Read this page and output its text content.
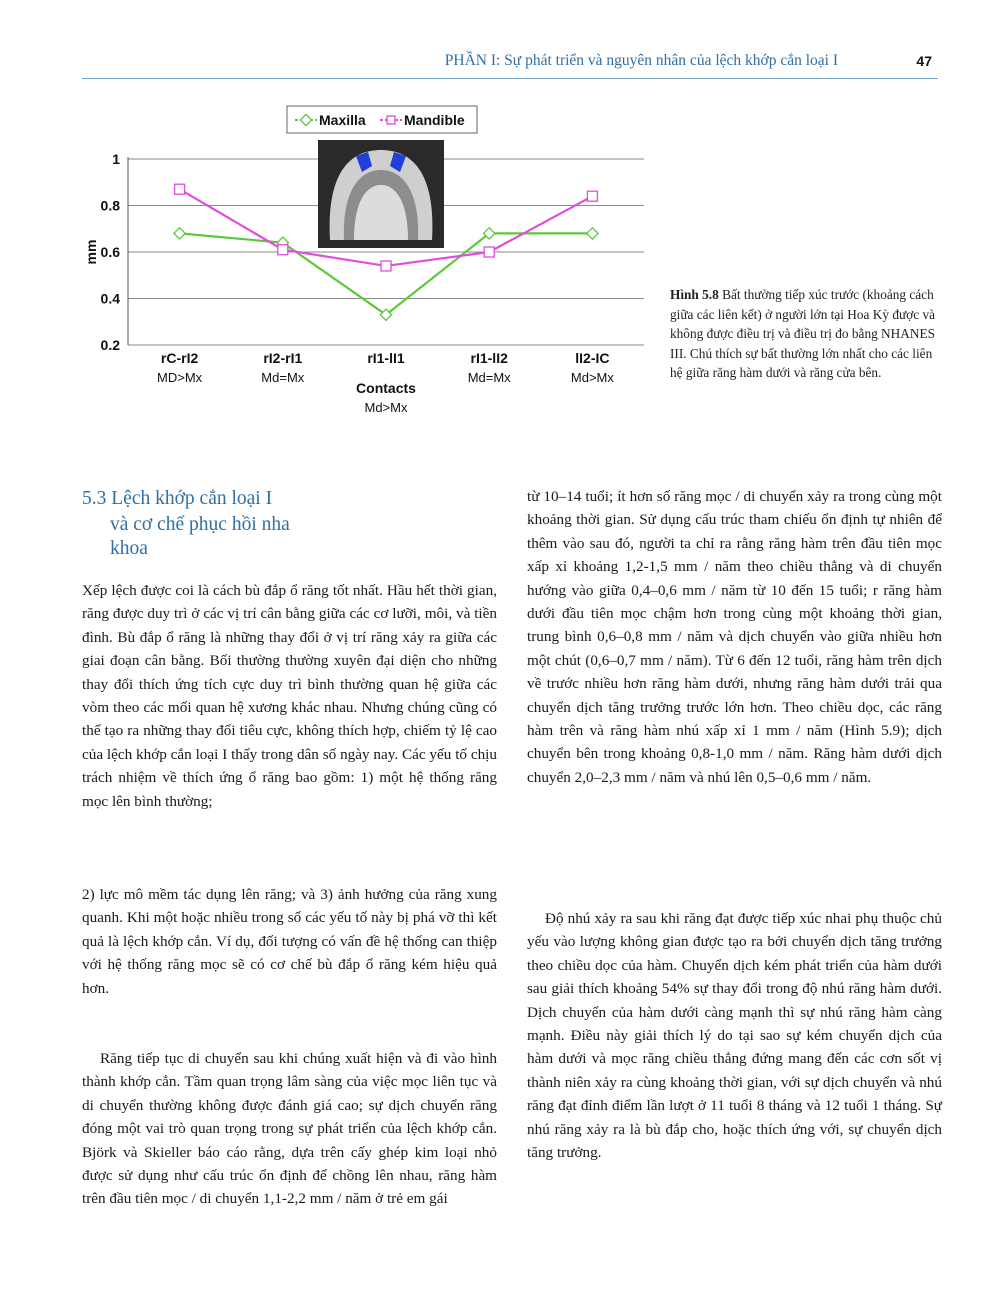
PHẦN I: Sự phát triển và nguyên nhân của lệch khớp cắn loại I	47
0.2
0.4
0.6
0.8
1
mm
rC-rI2
MD>Mx
rI2-rI1
Md=Mx
rI1-lI1	rI1-lI2
Md=Mx
lI2-IC
Md>Mx
Contacts
Md>Mx
Maxilla	Mandible
Hình 5.8 Bất thường tiếp xúc trước (khoảng cách giữa các liên kết) ở người lớn tại Hoa Kỳ được và không được điều trị và điều trị đo bằng NHANES III. Chú thích sự bất thường lớn nhất cho các liên hệ giữa răng hàm dưới và răng cửa bên.
5.3 Lệch khớp cắn loại I
và cơ chế phục hồi nha khoa

Xếp lệch được coi là cách bù đắp ổ răng tốt nhất. Hầu hết thời gian, răng được duy trì ở các vị trí cân bằng giữa các cơ lưỡi, môi, và tiền đình. Bù đắp ổ răng là những thay đổi ở vị trí răng xảy ra giữa các giai đoạn cân bằng. Bối thường thường xuyên đại diện cho những thay đổi thích ứng tích cực duy trì bình thường quan hệ giữa các vòm theo các mối quan hệ xương khác nhau. Nhưng chúng cũng có thể tạo ra những thay đổi tiêu cực, không thích hợp, chiếm tỷ lệ cao của lệch khớp cắn loại I thấy trong dân số ngày nay. Các yếu tố chịu trách nhiệm về thích ứng ổ răng bao gồm: 1) một hệ thống răng mọc lên bình thường;

2) lực mô mềm tác dụng lên răng; và 3) ảnh hưởng của răng xung quanh. Khi một hoặc nhiều trong số các yếu tố này bị phá vỡ thì kết quả là lệch khớp cắn. Ví dụ, đối tượng có vấn đề hệ thống can thiệp với hệ thống răng mọc sẽ có cơ chế bù đắp ổ răng kém hiệu quả hơn.

Răng tiếp tục di chuyển sau khi chúng xuất hiện và đi vào hình thành khớp cắn. Tầm quan trọng lâm sàng của việc mọc liên tục và di chuyển thường không được đánh giá cao; sự dịch chuyển răng đóng một vai trò quan trọng trong sự phát triển của lệch khớp cắn. Björk và Skieller báo cáo rằng, dựa trên cấy ghép kim loại nhỏ được sử dụng như cấu trúc ổn định để chồng lên nhau, răng hàm trên đầu tiên mọc / di chuyển 1,1-2,2 mm / năm ở trẻ em gái

từ 10–14 tuổi; ít hơn số răng mọc / di chuyển xảy ra trong cùng một khoảng thời gian. Sử dụng cấu trúc tham chiếu ổn định tự nhiên để thêm vào sau đó, người ta chỉ ra rằng răng hàm trên đầu tiên mọc xấp xỉ khoảng 1,2-1,5 mm / năm theo chiều thẳng và di chuyển hướng vào giữa 0,4–0,6 mm / năm từ 10 đến 15 tuổi; r răng hàm dưới đầu tiên mọc chậm hơn trong cùng một khoảng thời gian, trung bình 0,6–0,8 mm / năm và dịch chuyển vào giữa nhiều hơn một chút (0,6–0,7 mm / năm). Từ 6 đến 12 tuổi, răng hàm trên dịch về trước nhiều hơn răng hàm dưới, nhưng răng hàm dưới trải qua chuyển dịch tăng trưởng trước lớn hơn. Theo chiều dọc, các răng hàm trên và răng hàm nhú xấp xỉ 1 mm / năm (Hình 5.9); dịch chuyển bên trong khoảng 0,8-1,0 mm / năm. Răng hàm dưới dịch chuyển 2,0–2,3 mm / năm và nhú lên 0,5–0,6 mm / năm.

Độ nhú xảy ra sau khi răng đạt được tiếp xúc nhai phụ thuộc chủ yếu vào lượng không gian được tạo ra bởi chuyển dịch tăng trưởng theo chiều dọc của hàm. Chuyển dịch kém phát triển của hàm dưới sau giải thích khoảng 54% sự thay đổi trong độ nhú răng hàm dưới. Dịch chuyển của hàm dưới càng mạnh thì sự nhú răng hàm càng mạnh. Điều này giải thích lý do tại sao sự kém chuyển dịch của hàm dưới và mọc răng chiều thẳng đứng mang đến các cơn sốt vị thành niên xảy ra cùng khoảng thời gian, với sự dịch chuyển và nhú răng đạt đỉnh điểm lần lượt ở 11 tuổi 8 tháng và 12 tuổi 1 tháng. Sự nhú răng xảy ra là bù đắp cho, hoặc thích ứng với, sự chuyển dịch tăng trưởng.
